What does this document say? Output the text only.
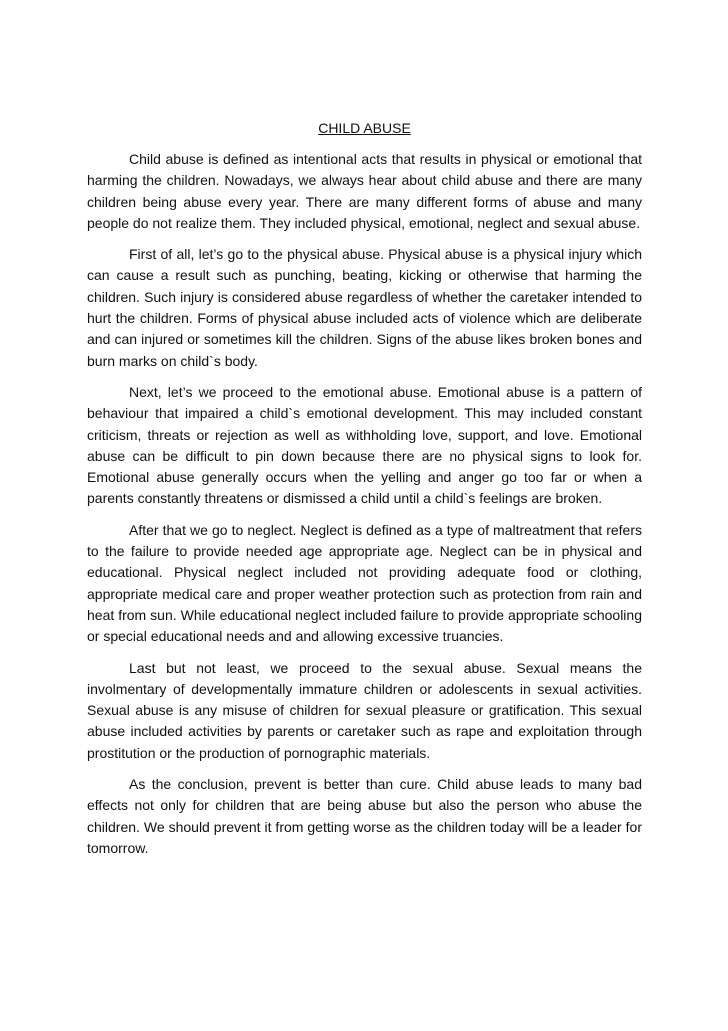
CHILD ABUSE

Child abuse is defined as intentional acts that results in physical or emotional that harming the children. Nowadays, we always hear about child abuse and there are many children being abuse every year. There are many different forms of abuse and many people do not realize them. They included physical, emotional, neglect and sexual abuse.

First of all, let’s go to the physical abuse. Physical abuse is a physical injury which can cause a result such as punching, beating, kicking or otherwise that harming the children. Such injury is considered abuse regardless of whether the caretaker intended to hurt the children. Forms of physical abuse included acts of violence which are deliberate and can injured or sometimes kill the children. Signs of the abuse likes broken bones and burn marks on child`s body.

Next, let’s we proceed to the emotional abuse. Emotional abuse is a pattern of behaviour that impaired a child`s emotional development. This may included constant criticism, threats or rejection as well as withholding love, support, and love. Emotional abuse can be difficult to pin down because there are no physical signs to look for. Emotional abuse generally occurs when the yelling and anger go too far or when a parents constantly threatens or dismissed a child until a child`s feelings are broken.

After that we go to neglect. Neglect is defined as a type of maltreatment that refers to the failure to provide needed age appropriate age. Neglect can be in physical and educational. Physical neglect included not providing adequate food or clothing, appropriate medical care and proper weather protection such as protection from rain and heat from sun. While educational neglect included failure to provide appropriate schooling or special educational needs and and allowing excessive truancies.

Last but not least, we proceed to the sexual abuse. Sexual means the involmentary of developmentally immature children or adolescents in sexual activities. Sexual abuse is any misuse of children for sexual pleasure or gratification. This sexual abuse included activities by parents or caretaker such as rape and exploitation through prostitution or the production of pornographic materials.

As the conclusion, prevent is better than cure. Child abuse leads to many bad effects not only for children that are being abuse but also the person who abuse the children. We should prevent it from getting worse as the children today will be a leader for tomorrow.
